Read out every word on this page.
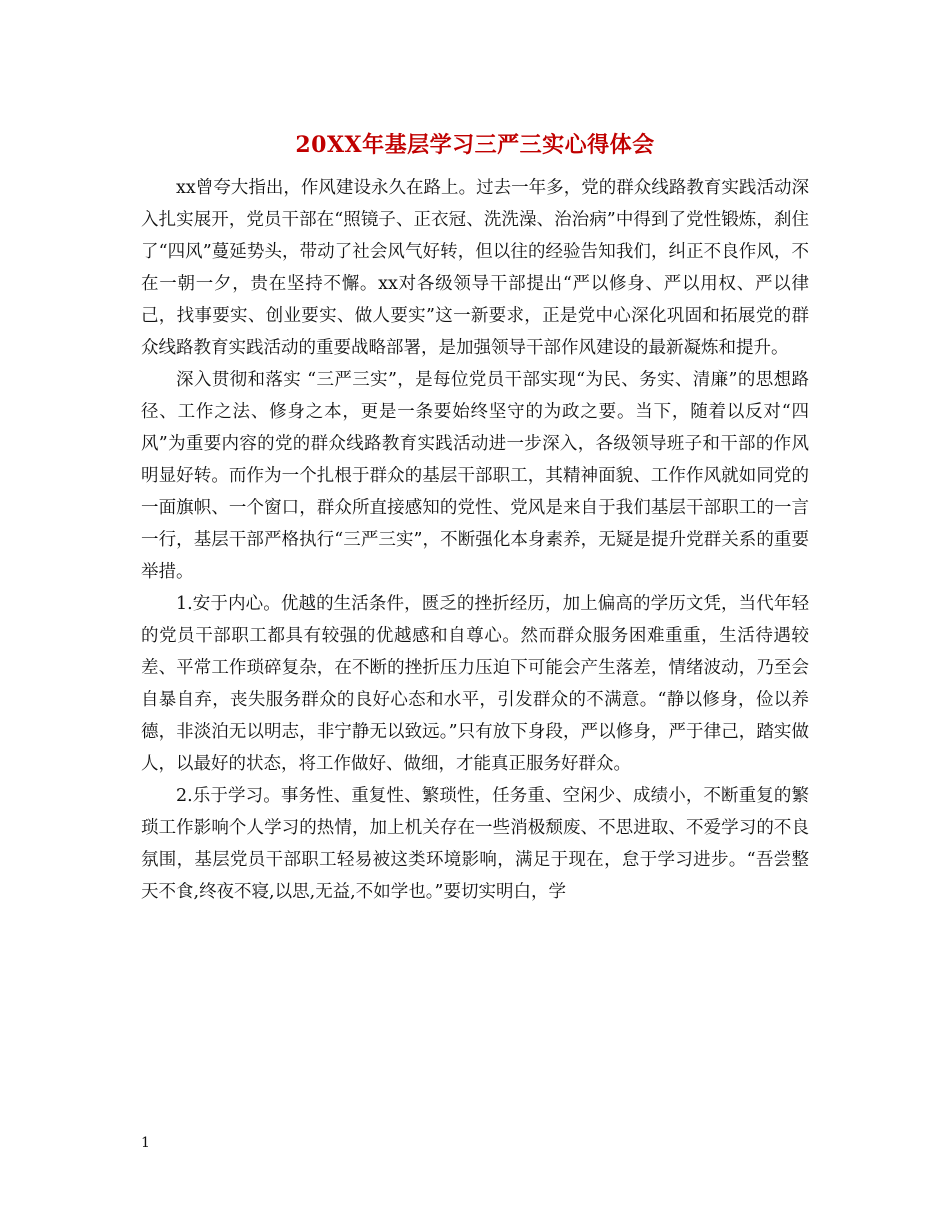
20XX年基层学习三严三实心得体会

xx曾夸大指出，作风建设永久在路上。过去一年多，党的群众线路教育实践活动深入扎实展开，党员干部在“照镜子、正衣冠、洗洗澡、治治病”中得到了党性锻炼，刹住了“四风”蔓延势头，带动了社会风气好转，但以往的经验告知我们，纠正不良作风，不在一朝一夕，贵在坚持不懈。xx对各级领导干部提出“严以修身、严以用权、严以律己，找事要实、创业要实、做人要实”这一新要求，正是党中心深化巩固和拓展党的群众线路教育实践活动的重要战略部署，是加强领导干部作风建设的最新凝炼和提升。

深入贯彻和落实 “三严三实”，是每位党员干部实现“为民、务实、清廉”的思想路径、工作之法、修身之本，更是一条要始终坚守的为政之要。当下，随着以反对“四风”为重要内容的党的群众线路教育实践活动进一步深入，各级领导班子和干部的作风明显好转。而作为一个扎根于群众的基层干部职工，其精神面貌、工作作风就如同党的一面旗帜、一个窗口，群众所直接感知的党性、党风是来自于我们基层干部职工的一言一行，基层干部严格执行“三严三实”，不断强化本身素养，无疑是提升党群关系的重要举措。

1.安于内心。优越的生活条件，匮乏的挫折经历，加上偏高的学历文凭，当代年轻的党员干部职工都具有较强的优越感和自尊心。然而群众服务困难重重，生活待遇较差、平常工作琐碎复杂，在不断的挫折压力压迫下可能会产生落差，情绪波动，乃至会自暴自弃，丧失服务群众的良好心态和水平，引发群众的不满意。“静以修身，俭以养德，非淡泊无以明志，非宁静无以致远。”只有放下身段，严以修身，严于律己，踏实做人，以最好的状态，将工作做好、做细，才能真正服务好群众。

2.乐于学习。事务性、重复性、繁琐性，任务重、空闲少、成绩小，不断重复的繁琐工作影响个人学习的热情，加上机关存在一些消极颓废、不思进取、不爱学习的不良氛围，基层党员干部职工轻易被这类环境影响，满足于现在，怠于学习进步。“吾尝整天不食,终夜不寝,以思,无益,不如学也。”要切实明白，学

1
